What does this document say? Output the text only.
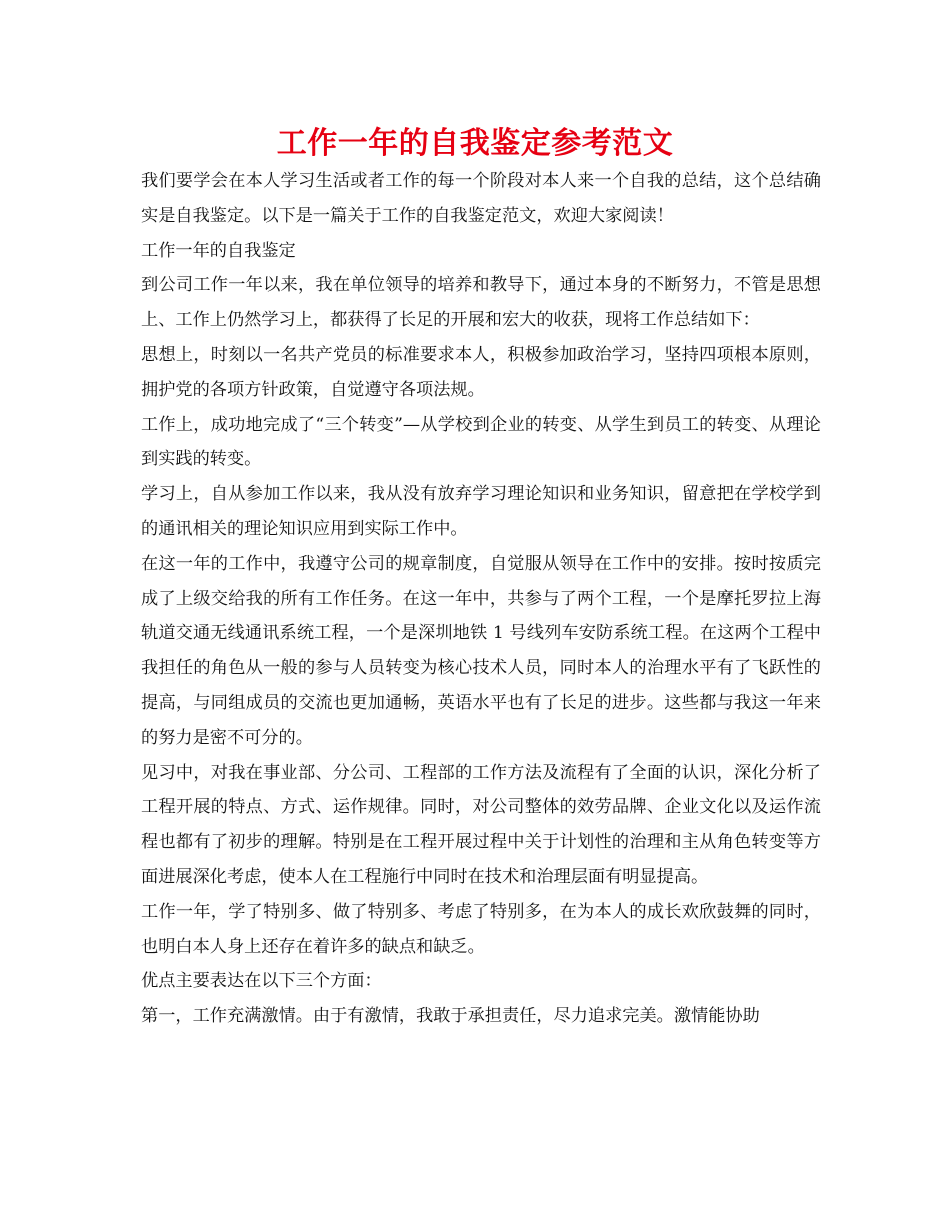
工作一年的自我鉴定参考范文

我们要学会在本人学习生活或者工作的每一个阶段对本人来一个自我的总结，这个总结确实是自我鉴定。以下是一篇关于工作的自我鉴定范文，欢迎大家阅读！

工作一年的自我鉴定

到公司工作一年以来，我在单位领导的培养和教导下，通过本身的不断努力，不管是思想上、工作上仍然学习上，都获得了长足的开展和宏大的收获，现将工作总结如下：

思想上，时刻以一名共产党员的标准要求本人，积极参加政治学习，坚持四项根本原则，拥护党的各项方针政策，自觉遵守各项法规。

工作上，成功地完成了“三个转变”—从学校到企业的转变、从学生到员工的转变、从理论到实践的转变。

学习上，自从参加工作以来，我从没有放弃学习理论知识和业务知识，留意把在学校学到的通讯相关的理论知识应用到实际工作中。

在这一年的工作中，我遵守公司的规章制度，自觉服从领导在工作中的安排。按时按质完成了上级交给我的所有工作任务。在这一年中，共参与了两个工程，一个是摩托罗拉上海轨道交通无线通讯系统工程，一个是深圳地铁 1 号线列车安防系统工程。在这两个工程中我担任的角色从一般的参与人员转变为核心技术人员，同时本人的治理水平有了飞跃性的提高，与同组成员的交流也更加通畅，英语水平也有了长足的进步。这些都与我这一年来的努力是密不可分的。

见习中，对我在事业部、分公司、工程部的工作方法及流程有了全面的认识，深化分析了工程开展的特点、方式、运作规律。同时，对公司整体的效劳品牌、企业文化以及运作流程也都有了初步的理解。特别是在工程开展过程中关于计划性的治理和主从角色转变等方面进展深化考虑，使本人在工程施行中同时在技术和治理层面有明显提高。

工作一年，学了特别多、做了特别多、考虑了特别多，在为本人的成长欢欣鼓舞的同时，也明白本人身上还存在着许多的缺点和缺乏。

优点主要表达在以下三个方面：

第一，工作充满激情。由于有激情，我敢于承担责任，尽力追求完美。激情能协助
